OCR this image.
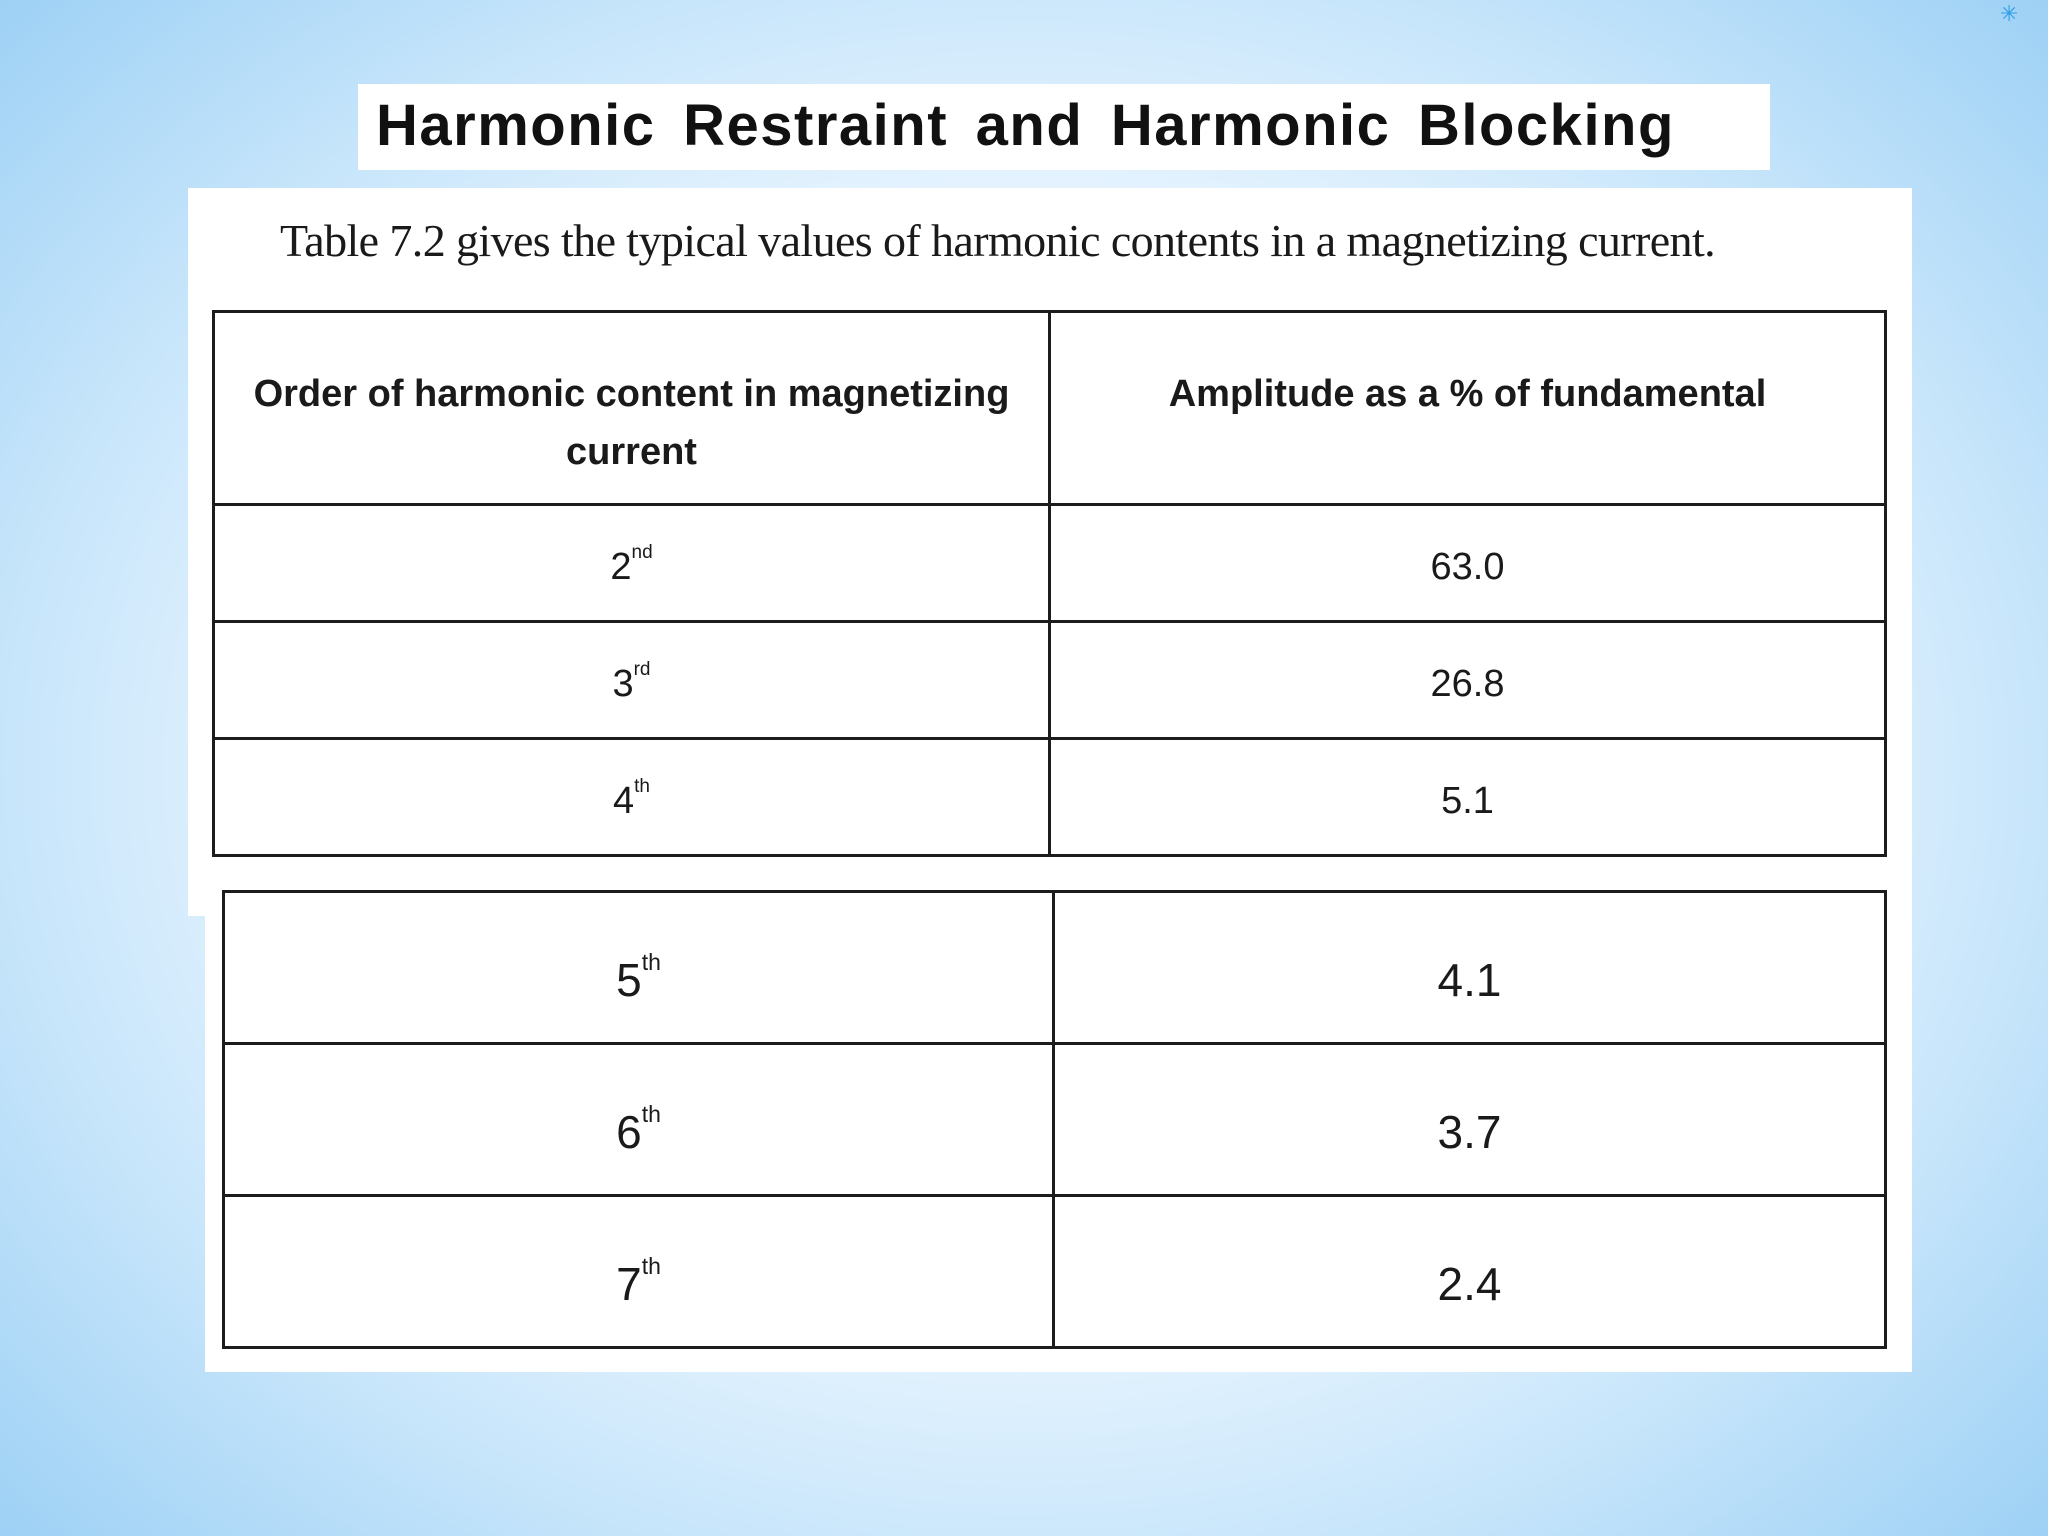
✳
Harmonic Restraint and Harmonic Blocking
Table 7.2 gives the typical values of harmonic contents in a magnetizing current.
Order of harmonic content in magnetizing current	Amplitude as a % of fundamental
2nd	63.0
3rd	26.8
4th	5.1
5th	4.1
6th	3.7
7th	2.4
